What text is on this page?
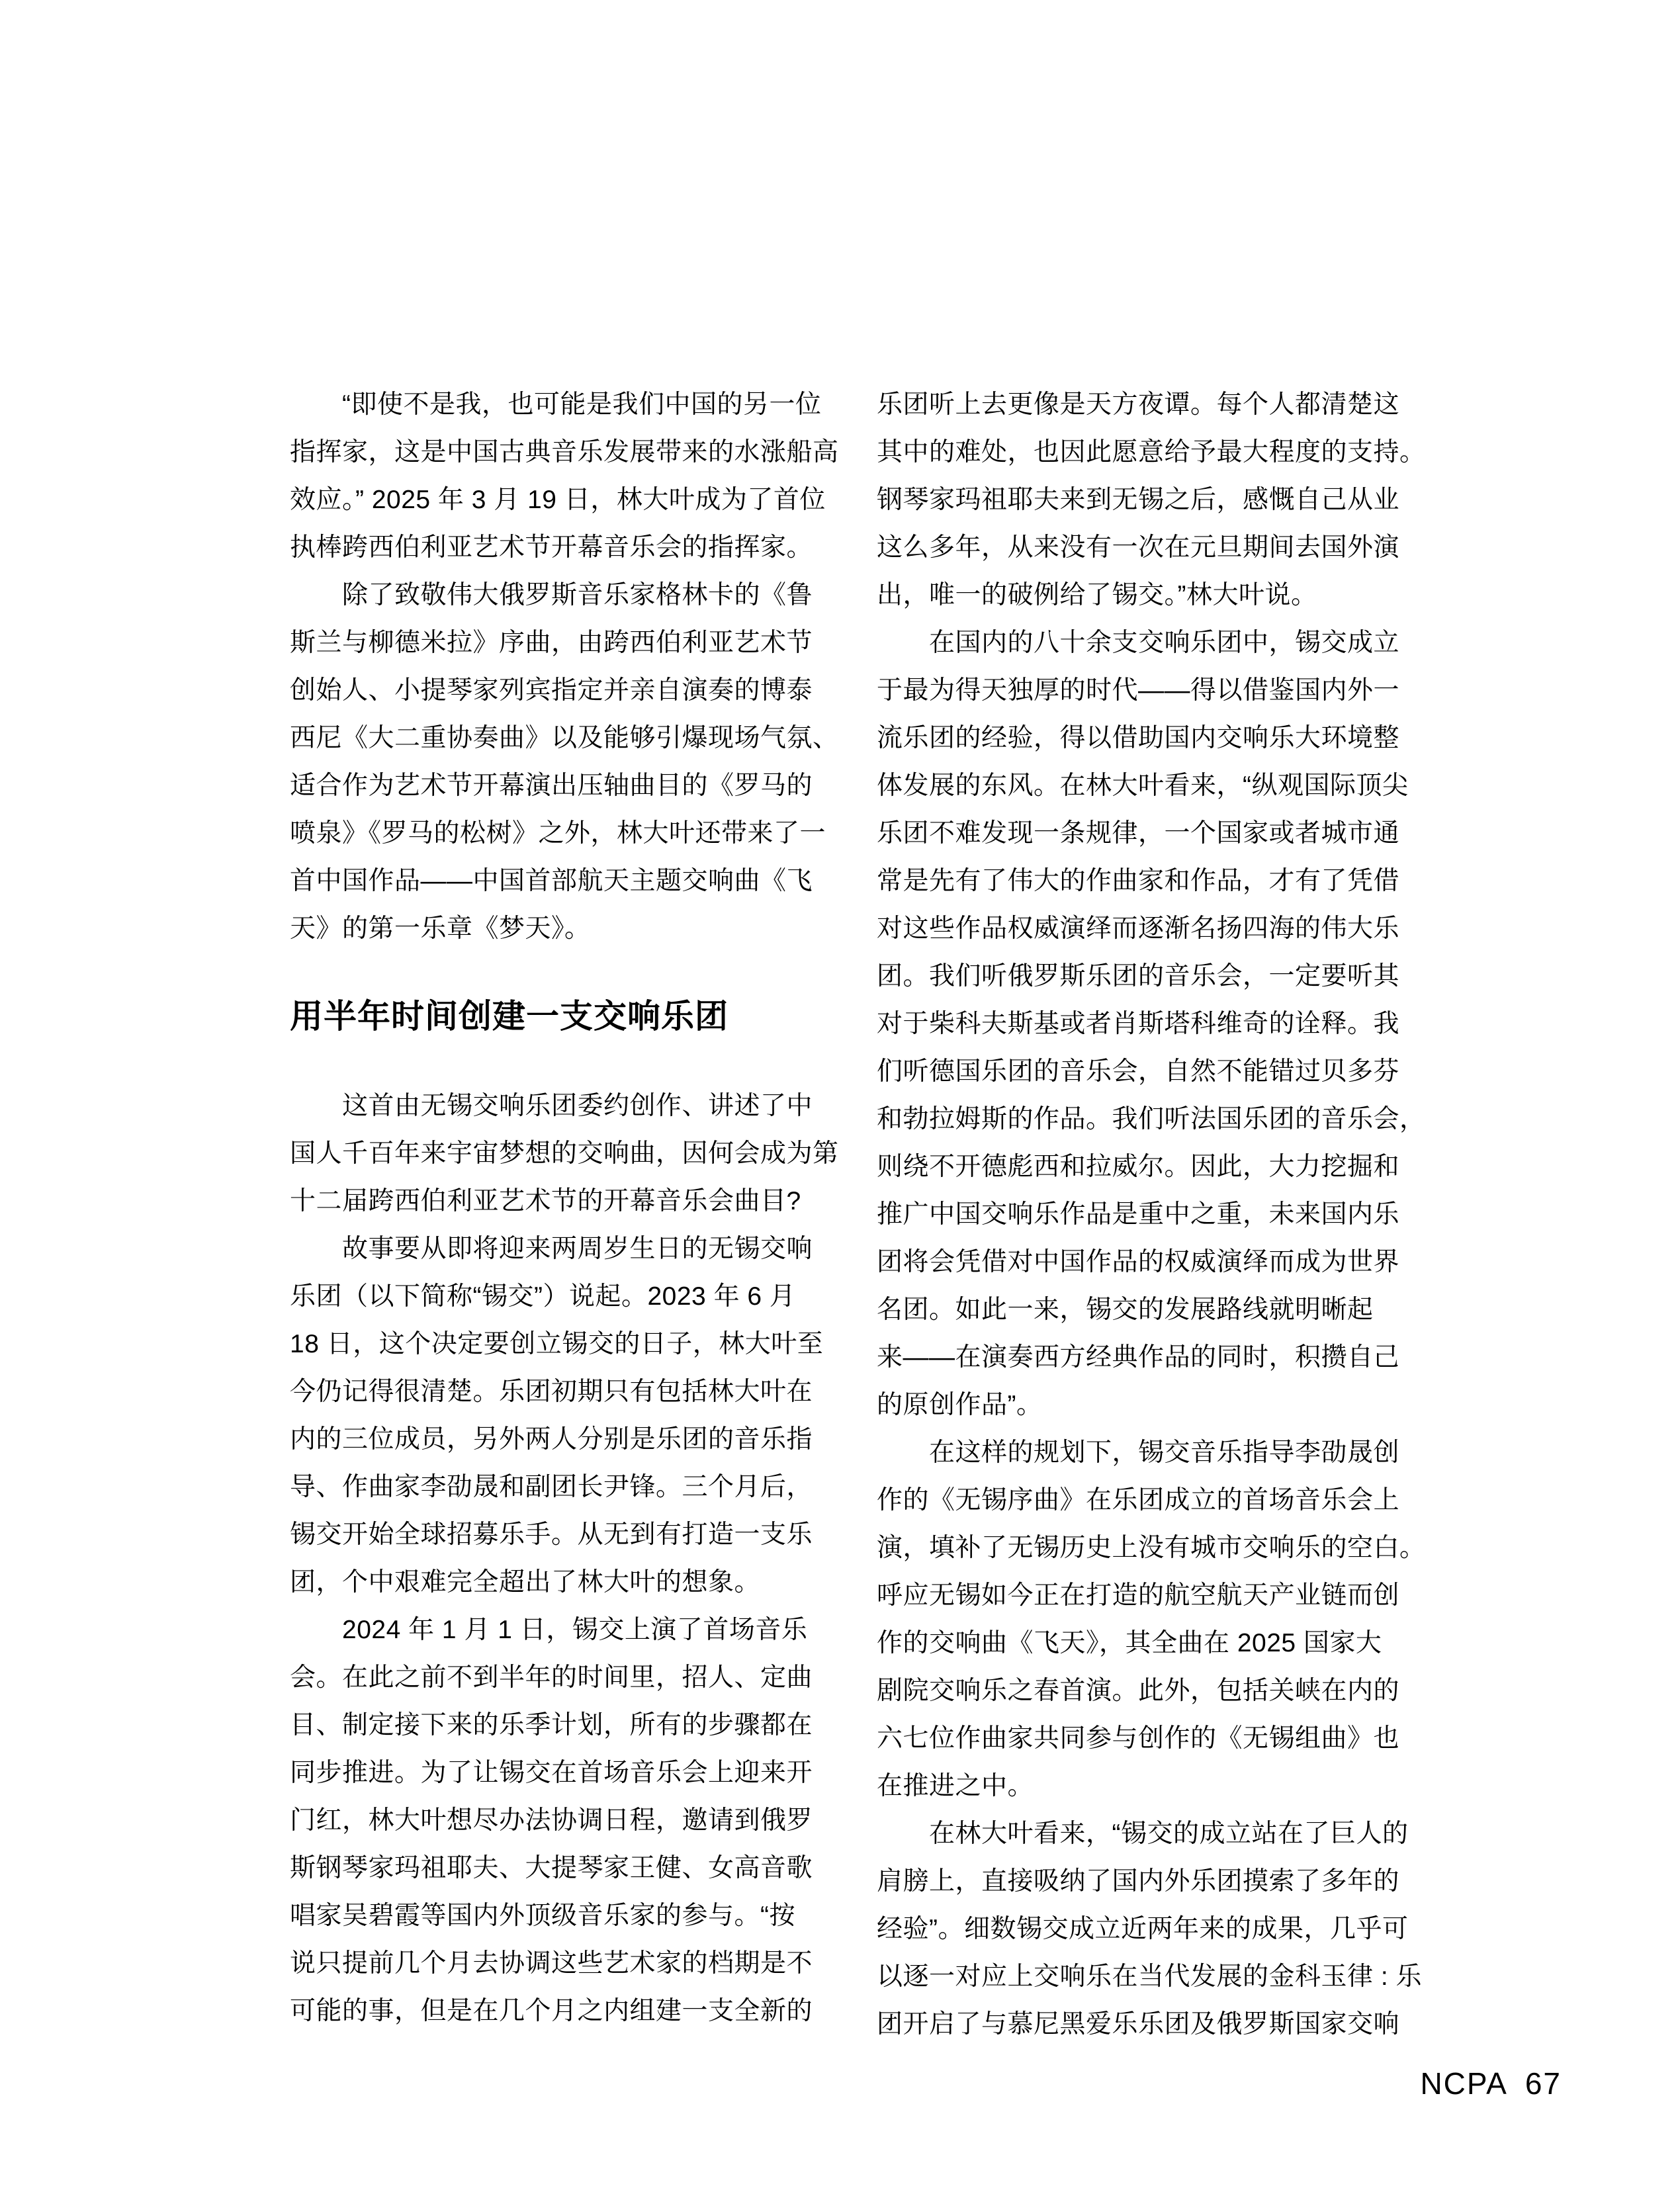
　　“即使不是我，也可能是我们中国的另一位
指挥家，这是中国古典音乐发展带来的水涨船高
效应。” 2025 年 3 月 19 日，林大叶成为了首位
执棒跨西伯利亚艺术节开幕音乐会的指挥家。
　　除了致敬伟大俄罗斯音乐家格林卡的《鲁
斯兰与柳德米拉》序曲，由跨西伯利亚艺术节
创始人、小提琴家列宾指定并亲自演奏的博泰
西尼《大二重协奏曲》以及能够引爆现场气氛、
适合作为艺术节开幕演出压轴曲目的《罗马的
喷泉》《罗马的松树》之外，林大叶还带来了一
首中国作品——中国首部航天主题交响曲《飞
天》的第一乐章《梦天》。
用半年时间创建一支交响乐团
　　这首由无锡交响乐团委约创作、讲述了中
国人千百年来宇宙梦想的交响曲，因何会成为第
十二届跨西伯利亚艺术节的开幕音乐会曲目?
　　故事要从即将迎来两周岁生日的无锡交响
乐团（以下简称“锡交”）说起。2023 年 6 月
18 日，这个决定要创立锡交的日子，林大叶至
今仍记得很清楚。乐团初期只有包括林大叶在
内的三位成员，另外两人分别是乐团的音乐指
导、作曲家李劭晟和副团长尹锋。三个月后，
锡交开始全球招募乐手。从无到有打造一支乐
团，个中艰难完全超出了林大叶的想象。
　　2024 年 1 月 1 日，锡交上演了首场音乐
会。在此之前不到半年的时间里，招人、定曲
目、制定接下来的乐季计划，所有的步骤都在
同步推进。为了让锡交在首场音乐会上迎来开
门红，林大叶想尽办法协调日程，邀请到俄罗
斯钢琴家玛祖耶夫、大提琴家王健、女高音歌
唱家吴碧霞等国内外顶级音乐家的参与。“按
说只提前几个月去协调这些艺术家的档期是不
可能的事，但是在几个月之内组建一支全新的
乐团听上去更像是天方夜谭。每个人都清楚这
其中的难处，也因此愿意给予最大程度的支持。
钢琴家玛祖耶夫来到无锡之后，感慨自己从业
这么多年，从来没有一次在元旦期间去国外演
出，唯一的破例给了锡交。”林大叶说。
　　在国内的八十余支交响乐团中，锡交成立
于最为得天独厚的时代——得以借鉴国内外一
流乐团的经验，得以借助国内交响乐大环境整
体发展的东风。在林大叶看来，“纵观国际顶尖
乐团不难发现一条规律，一个国家或者城市通
常是先有了伟大的作曲家和作品，才有了凭借
对这些作品权威演绎而逐渐名扬四海的伟大乐
团。我们听俄罗斯乐团的音乐会，一定要听其
对于柴科夫斯基或者肖斯塔科维奇的诠释。我
们听德国乐团的音乐会，自然不能错过贝多芬
和勃拉姆斯的作品。我们听法国乐团的音乐会，
则绕不开德彪西和拉威尔。因此，大力挖掘和
推广中国交响乐作品是重中之重，未来国内乐
团将会凭借对中国作品的权威演绎而成为世界
名团。如此一来，锡交的发展路线就明晰起
来——在演奏西方经典作品的同时，积攒自己
的原创作品”。
　　在这样的规划下，锡交音乐指导李劭晟创
作的《无锡序曲》在乐团成立的首场音乐会上
演，填补了无锡历史上没有城市交响乐的空白。
呼应无锡如今正在打造的航空航天产业链而创
作的交响曲《飞天》，其全曲在 2025 国家大
剧院交响乐之春首演。此外，包括关峡在内的
六七位作曲家共同参与创作的《无锡组曲》也
在推进之中。
　　在林大叶看来，“锡交的成立站在了巨人的
肩膀上，直接吸纳了国内外乐团摸索了多年的
经验”。细数锡交成立近两年来的成果，几乎可
以逐一对应上交响乐在当代发展的金科玉律 : 乐
团开启了与慕尼黑爱乐乐团及俄罗斯国家交响
NCPA 67
